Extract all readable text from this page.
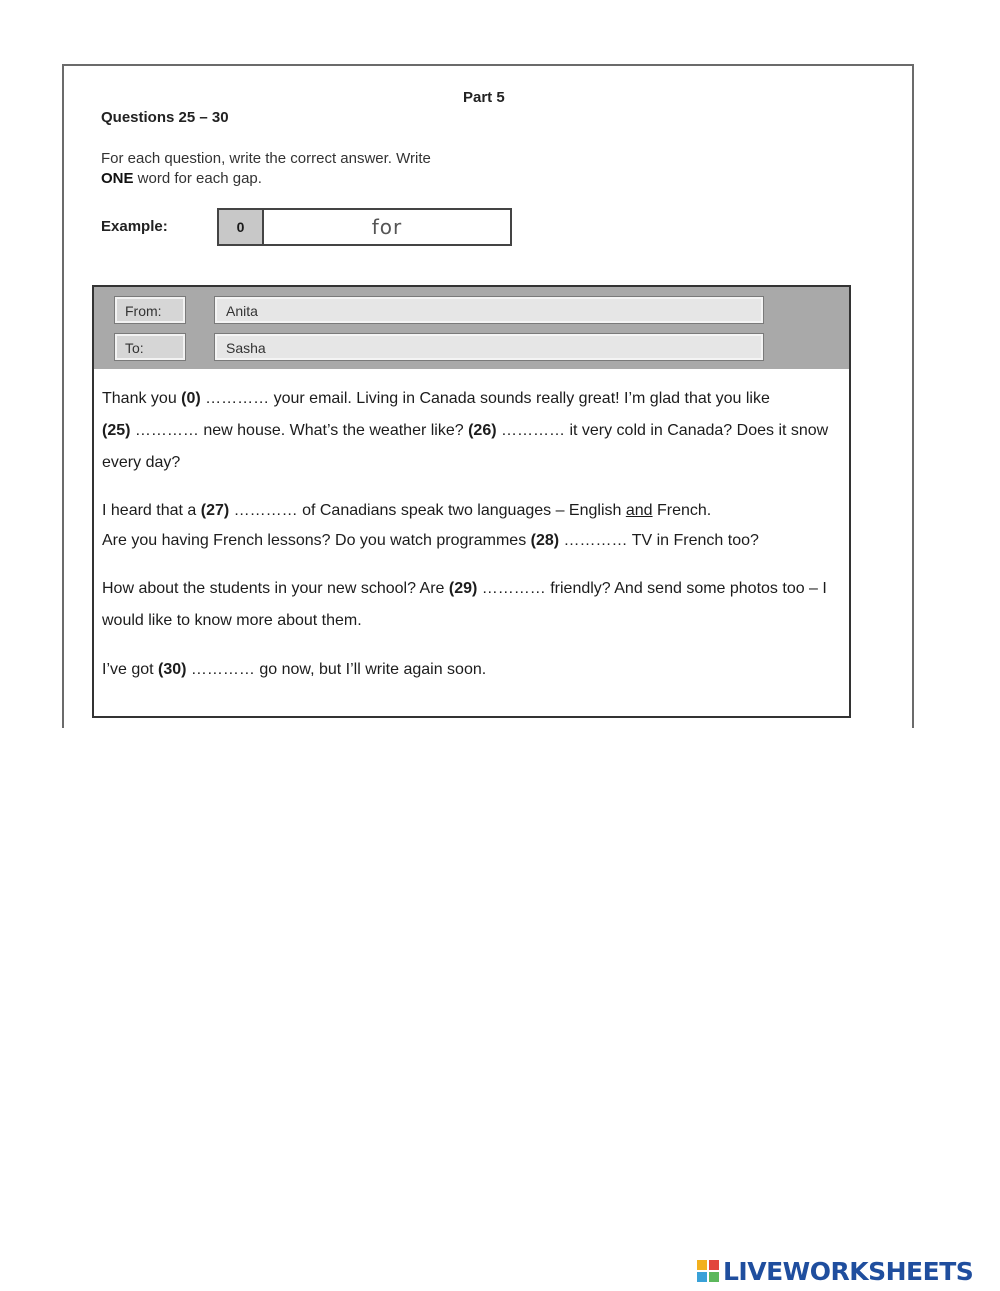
Part 5
Questions 25 – 30
For each question, write the correct answer. Write ONE word for each gap.
Example:	0	for
From:	Anita
To:	Sasha

Thank you (0) ………… your email. Living in Canada sounds really great! I’m glad that you like
(25) ………… new house. What’s the weather like? (26) ………… it very cold in Canada? Does it snow every day?

I heard that a (27) ………… of Canadians speak two languages – English and French.
Are you having French lessons? Do you watch programmes (28) ………… TV in French too?

How about the students in your new school? Are (29) ………… friendly? And send some photos too – I would like to know more about them.

I’ve got (30) ………… go now, but I’ll write again soon.

LIVEWORKSHEETS
